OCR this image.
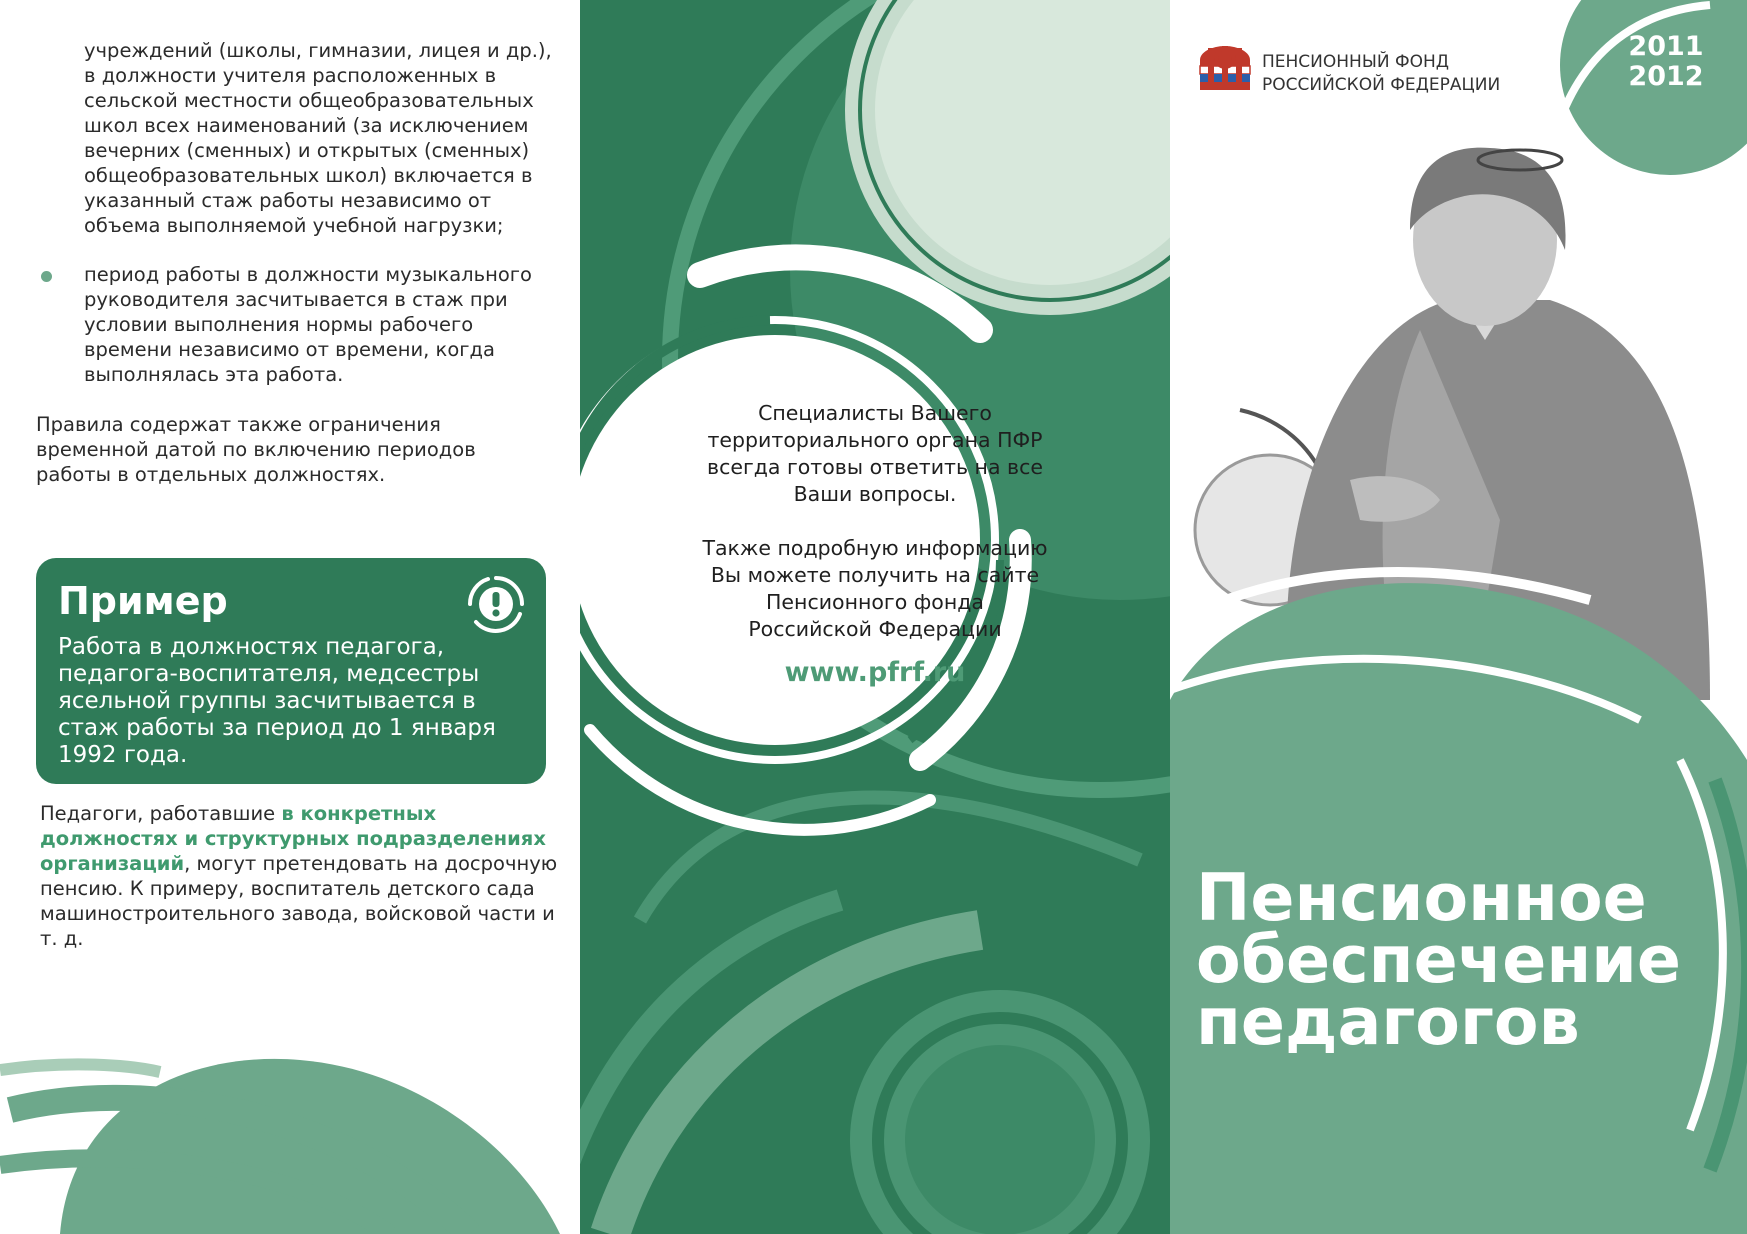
учреждений (школы, гимназии, лицея и др.), в должности учителя расположенных в сельской местности общеобразовательных школ всех наименований (за исключением вечерних (сменных) и открытых (сменных) общеобразовательных школ) включается в указанный стаж работы независимо от объема выполняемой учебной нагрузки;

период работы в должности музыкального руководителя засчитывается в стаж при условии выполнения нормы рабочего времени независимо от времени, когда выполнялась эта работа.

Правила содержат также ограничения временной датой по включению периодов работы в отдельных должностях.

Пример

Работа в должностях педагога, педагога-воспитателя, медсестры ясельной группы засчитывается в стаж работы за период до 1 января 1992 года.

Педагоги, работавшие в конкретных должностях и структурных подразделениях организаций, могут претендовать на досрочную пенсию. К примеру, воспитатель детского сада машиностроительного завода, войсковой части и т. д.

Специалисты Вашего

территориального органа ПФР

всегда готовы ответить на все

Ваши вопросы.

Также подробную информацию

Вы можете получить на сайте

Пенсионного фонда

Российской Федерации

www.pfrf.ru

ПЕНСИОННЫЙ ФОНД
РОССИЙСКОЙ ФЕДЕРАЦИИ

2011
2012

Пенсионное
обеспечение
педагогов
